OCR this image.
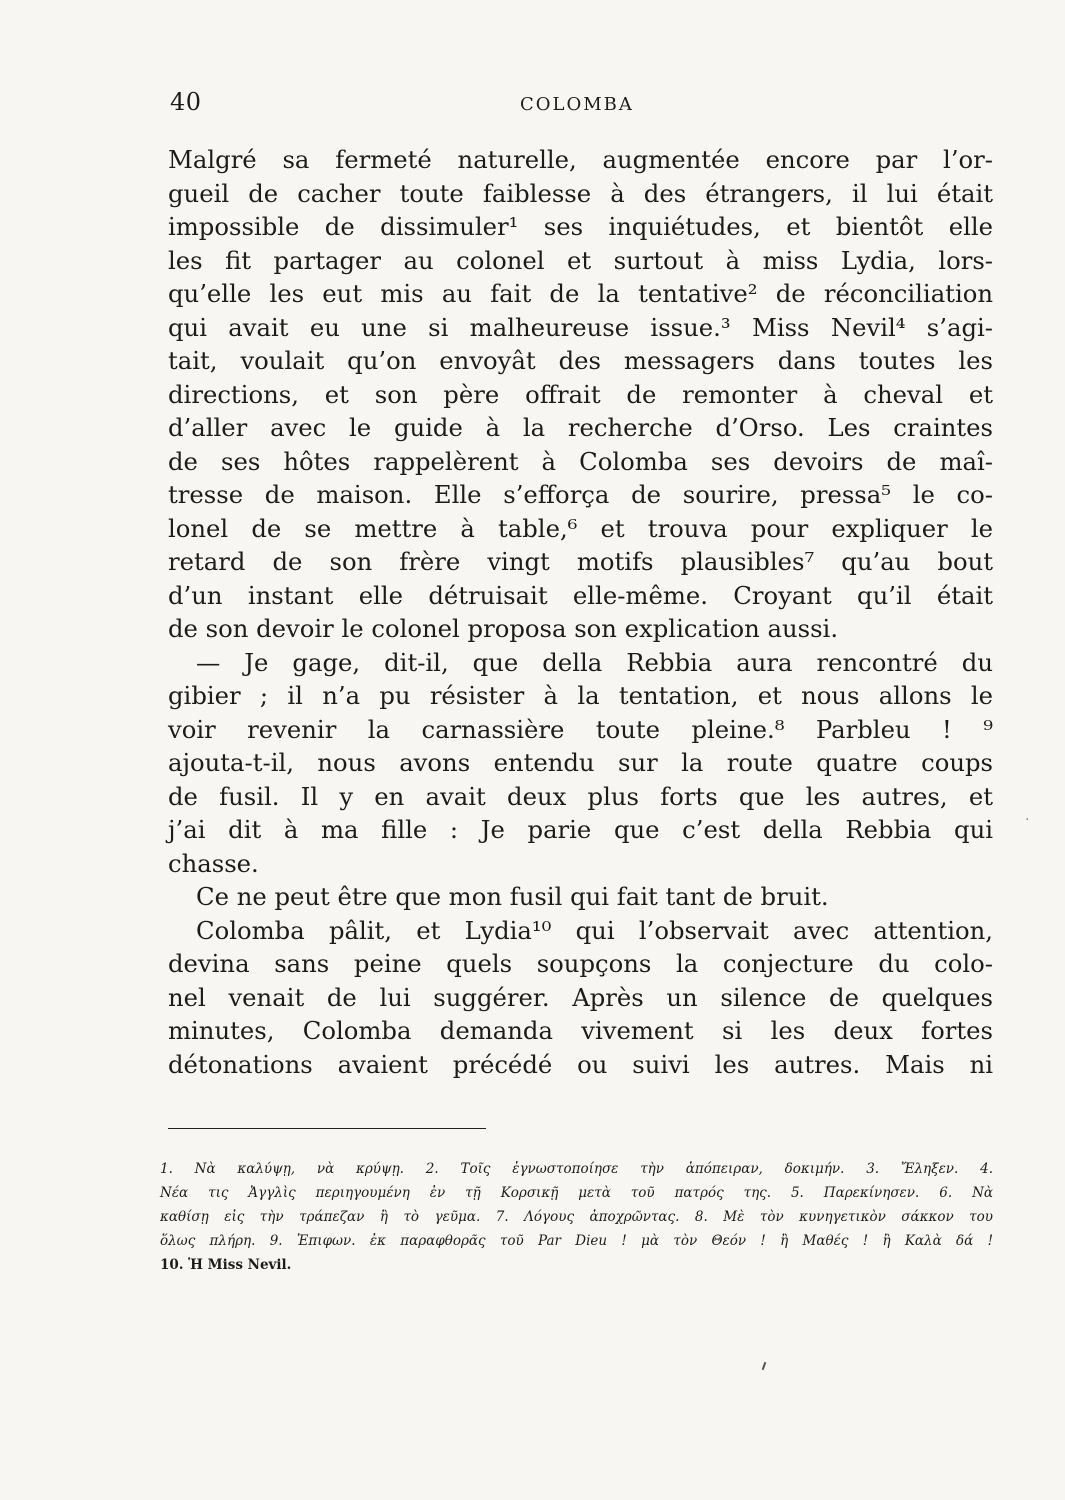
40	COLOMBA
Malgré sa fermeté naturelle, augmentée encore par l’or-
gueil de cacher toute faiblesse à des étrangers, il lui était
impossible de dissimuler¹ ses inquiétudes, et bientôt elle
les fit partager au colonel et surtout à miss Lydia, lors-
qu’elle les eut mis au fait de la tentative² de réconciliation
qui avait eu une si malheureuse issue.³ Miss Nevil⁴ s’agi-
tait, voulait qu’on envoyât des messagers dans toutes les
directions, et son père offrait de remonter à cheval et
d’aller avec le guide à la recherche d’Orso. Les craintes
de ses hôtes rappelèrent à Colomba ses devoirs de maî-
tresse de maison. Elle s’efforça de sourire, pressa⁵ le co-
lonel de se mettre à table,⁶ et trouva pour expliquer le
retard de son frère vingt motifs plausibles⁷ qu’au bout
d’un instant elle détruisait elle-même. Croyant qu’il était
de son devoir le colonel proposa son explication aussi.
— Je gage, dit-il, que della Rebbia aura rencontré du
gibier ; il n’a pu résister à la tentation, et nous allons le
voir revenir la carnassière toute pleine.⁸ Parbleu ! ⁹
ajouta-t-il, nous avons entendu sur la route quatre coups
de fusil. Il y en avait deux plus forts que les autres, et
j’ai dit à ma fille : Je parie que c’est della Rebbia qui
chasse.
Ce ne peut être que mon fusil qui fait tant de bruit.
Colomba pâlit, et Lydia¹⁰ qui l’observait avec attention,
devina sans peine quels soupçons la conjecture du colo-
nel venait de lui suggérer. Après un silence de quelques
minutes, Colomba demanda vivement si les deux fortes
détonations avaient précédé ou suivi les autres. Mais ni
1. Νὰ καλύψῃ, νὰ κρύψῃ. 2. Τοῖς ἐγνωστοποίησε τὴν ἀπόπειραν, δοκιμήν. 3. Ἔληξεν. 4.
Νέα τις Ἀγγλὶς περιηγουμένη ἐν τῇ Κορσικῇ μετὰ τοῦ πατρός της. 5. Παρεκίνησεν. 6. Νὰ
καθίσῃ εἰς τὴν τράπεζαν ἢ τὸ γεῦμα. 7. Λόγους ἀποχρῶντας. 8. Μὲ τὸν κυνηγετικὸν σάκκον του
ὅλως πλήρη. 9. Ἐπιφων. ἐκ παραφθορᾶς τοῦ Par Dieu ! μὰ τὸν Θεόν ! ἢ Μαθές ! ἢ Καλὰ δά !
10. Ἡ Miss Nevil.
·
